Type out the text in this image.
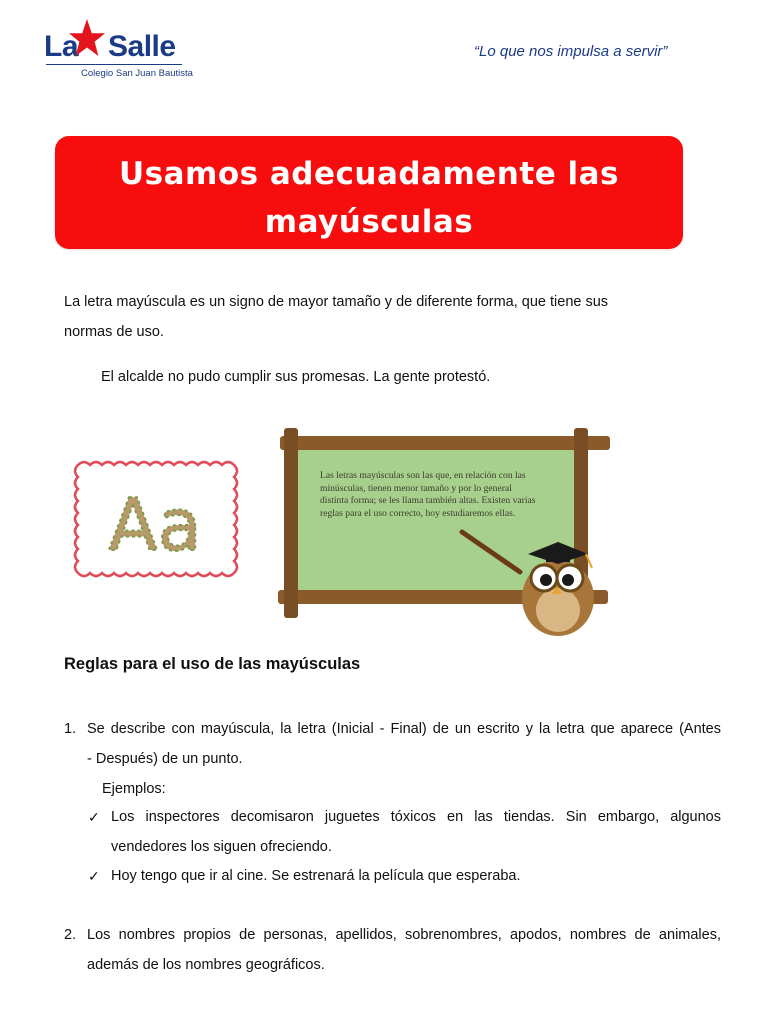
La Salle
Colegio San Juan Bautista
“Lo que nos impulsa a servir”
Usamos adecuadamente las
mayúsculas
La letra mayúscula es un signo de mayor tamaño y de diferente forma, que tiene sus
normas de uso.
El alcalde no pudo cumplir sus promesas. La gente protestó.
Aa
Las letras mayúsculas son las que, en relación con las minúsculas, tienen menor tamaño y por lo general distinta forma; se les llama también altas. Existen varias reglas para el uso correcto, hoy estudiaremos ellas.
Reglas para el uso de las mayúsculas
1. Se describe con mayúscula, la letra (Inicial - Final) de un escrito y la letra que aparece (Antes
- Después) de un punto.
Ejemplos:
✓ Los inspectores decomisaron juguetes tóxicos en las tiendas. Sin embargo, algunos
vendedores los siguen ofreciendo.
✓ Hoy tengo que ir al cine. Se estrenará la película que esperaba.
2. Los nombres propios de personas, apellidos, sobrenombres, apodos, nombres de animales,
además de los nombres geográficos.
